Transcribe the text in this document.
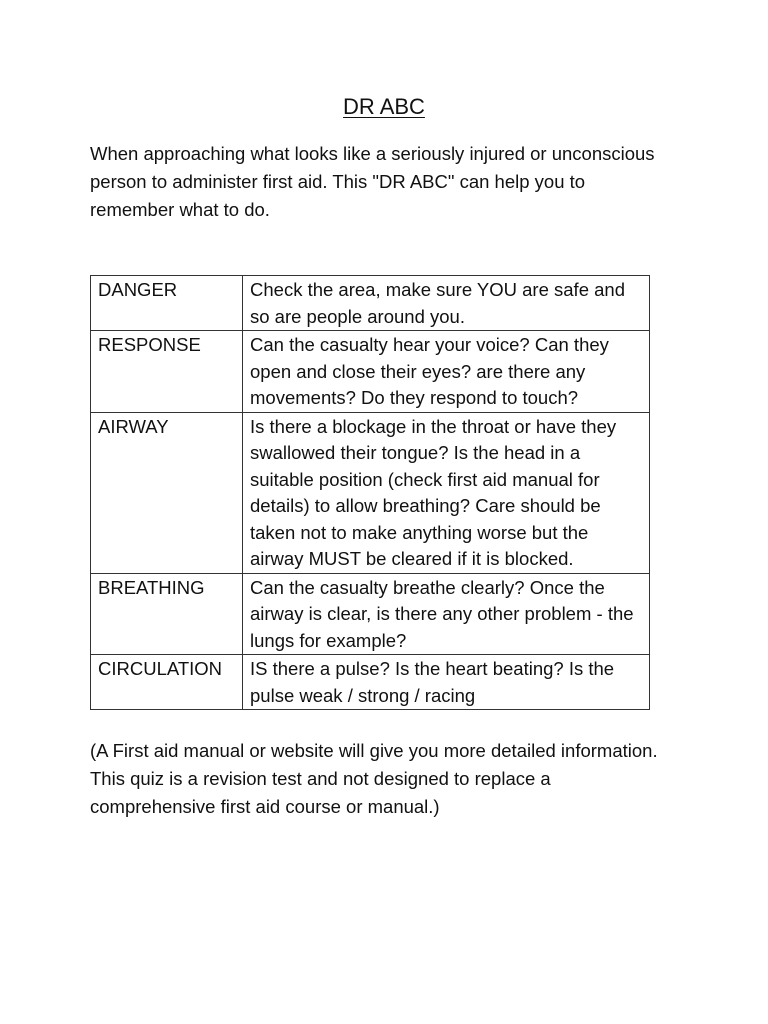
DR ABC

When approaching what looks like a seriously injured or unconscious person to administer first aid. This "DR ABC" can help you to remember what to do.

DANGER	Check the area, make sure YOU are safe and so are people around you.
RESPONSE	Can the casualty hear your voice? Can they open and close their eyes? are there any movements? Do they respond to touch?
AIRWAY	Is there a blockage in the throat or have they swallowed their tongue? Is the head in a suitable position (check first aid manual for details) to allow breathing? Care should be taken not to make anything worse but the airway MUST be cleared if it is blocked.
BREATHING	Can the casualty breathe clearly? Once the airway is clear, is there any other problem - the lungs for example?
CIRCULATION	IS there a pulse? Is the heart beating? Is the pulse weak / strong / racing

(A First aid manual or website will give you more detailed information. This quiz is a revision test and not designed to replace a comprehensive first aid course or manual.)
